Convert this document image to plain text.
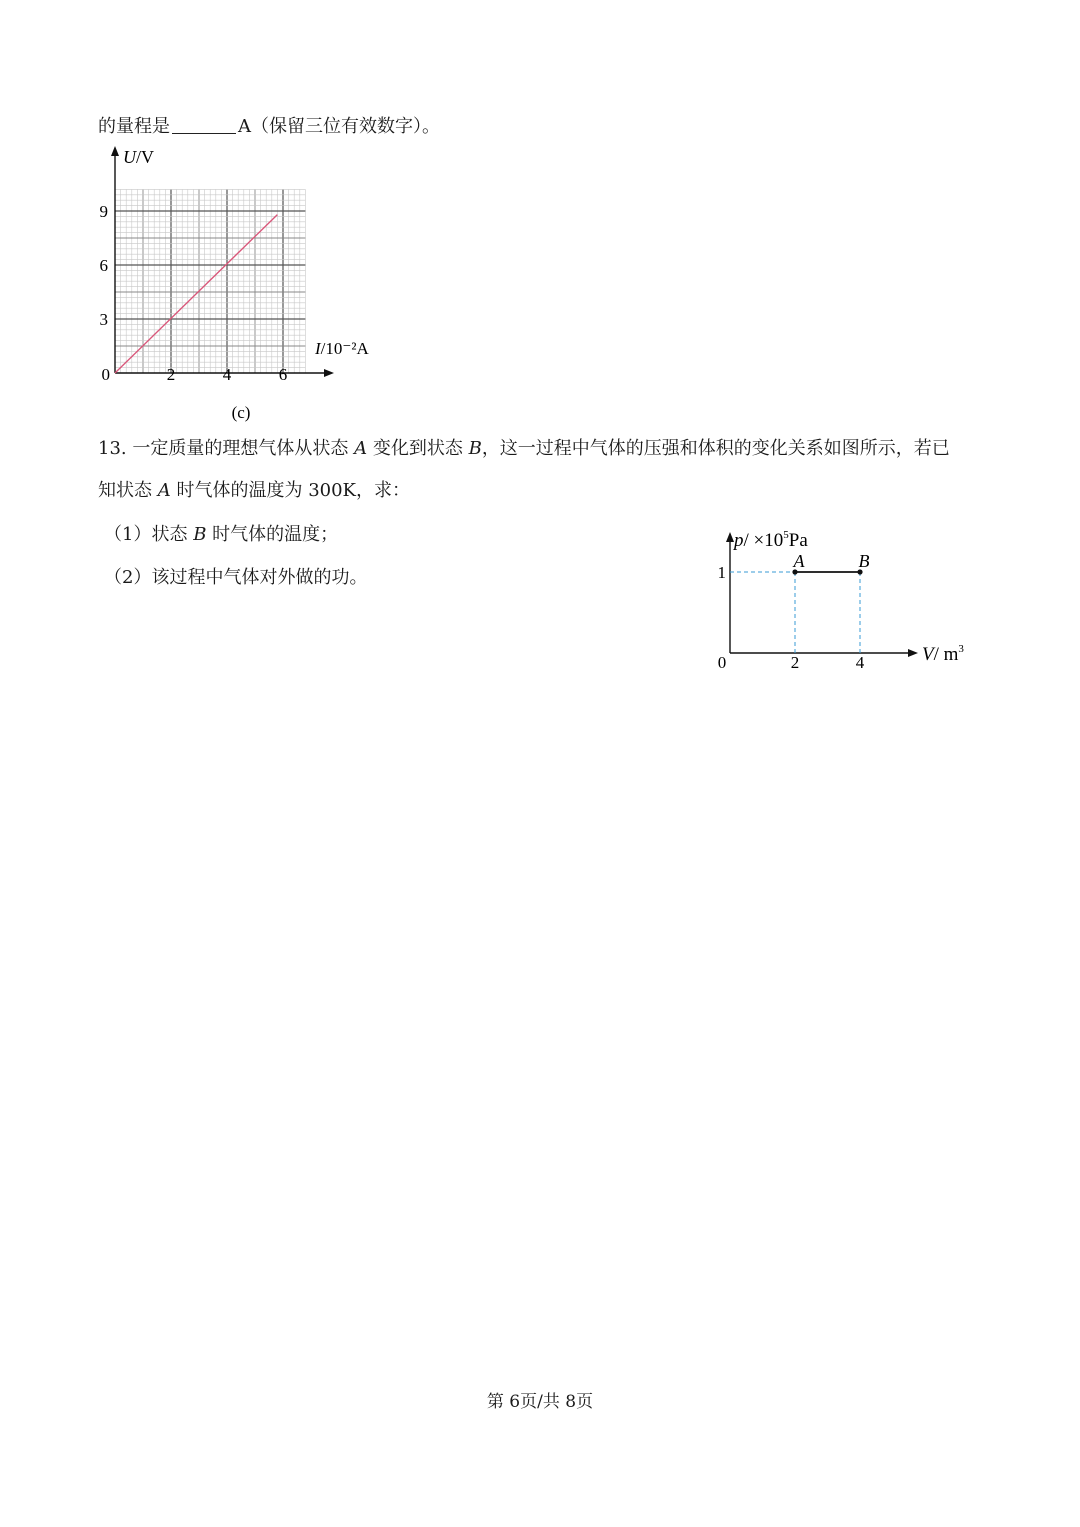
的量程是	A（保留三位有效数字）。
U/V
I/10⁻²A
0	2	4	6
3
6
9
(c)
13. 一定质量的理想气体从状态 A 变化到状态 B，这一过程中气体的压强和体积的变化关系如图所示，若已
知状态 A 时气体的温度为 300K，求：
（1）状态 B 时气体的温度；
（2）该过程中气体对外做的功。
$p/ \times 10^5Pa$
V/ $m^3$
0	2	4
1
A	B
第 6页/共 8页
